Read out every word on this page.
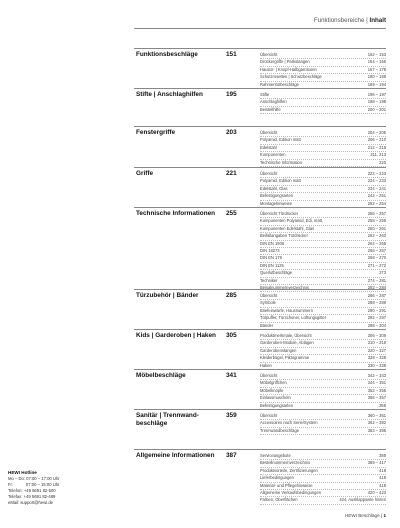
Funktionsbereiche | Inhalt
Funktionsbeschläge	151	Übersicht	152 – 153
Drückergriffe | Parkstangen	154 – 166
Hausür- | Knopf-Halbgarnituren	167 – 179
Schutzrosetten | Schutzbeschläge	180 – 188
Rahmentürbeschläge	189 – 194
Stifte | Anschlaghilfen	195	Stifte	196 – 197
Anschlaghilfen	198 – 199
Beistellhilfe	200 – 201
Fenstergriffe	203	Übersicht	204 – 205
Polyamid, Edition matt	206 – 210
Edelstahl	212 – 218
Komponenten	211, 213
Technische Information	220
Griffe	221	Übersicht	222 – 223
Polyamid, Edition matt	224 – 233
Edelstahl, Glas	234 – 241
Befestigungsarten	242 – 251
Montagehinweise	252 – 254
Technische Informationen	255	Übersicht Türdrücker	256 – 257
Komponenten Polyamid, Edi. matt,	258 – 259
Komponenten Edelstahl, Glas	260 – 261
Beifallangaben Türdrücker	262 – 263
DIN EN 1906	264 – 265
DIN 18273	266 – 267
DIN EN 179	268 – 270
DIN EN 1125	271 – 272
Querlutbeschläge	273
Techniker	274 – 281
Beisalnummernverzeichnis	282 – 284
Türzubehör | Bänder	285	Übersicht	286 – 287
Symbole	288 – 289
Briefeinwürfe, Hausnummern	290 – 291
Türpuffer, Türschoner, Lüftungsgitter	292 – 297
Bänder	298 – 304
Kids | Garderoben | Haken	305	Produktmerkmale, Übersicht	306 – 309
Garderoben-Module, Ablagen	310 – 319
Garderobenstangen	320 – 327
Kleiderbügel, Piktogramme	328 – 329
Haken	330 – 339
Möbelbeschläge	341	Übersicht	342 – 343
Möbelgriffchen	344 – 351
Möbelknöpfe	352 – 355
Einlassmuscheln	356 – 357
Befestigungsarten	358
Sanitär | Trennwand-beschläge
359	Übersicht	360 – 361
Accessoires nach Serie/System	362 – 382
Trennwandbeschläge	383 – 385
Allgemeine Informationen	387	Serviceangebote	388
Bestellnummernverzeichnis	389 – 417
Produktvorteile, Zertifizierungen	418
Lieferbedingungen	419
Material- und Pflegehinweise	419
Allgemeine Verkaufsbedingungen	420 – 423
Farben, Oberflächen	424, Ausklappseite hinten
HEWI Hotline
Mo – Do: 07:00 – 17:00 Uhr
Fr:           07:00 – 15:00 Uhr
Telefon: +49 5691 82-500
Telefax: +49 5691 82-489
eMail: support@hewi.de
HEWI Beschläge | 1
